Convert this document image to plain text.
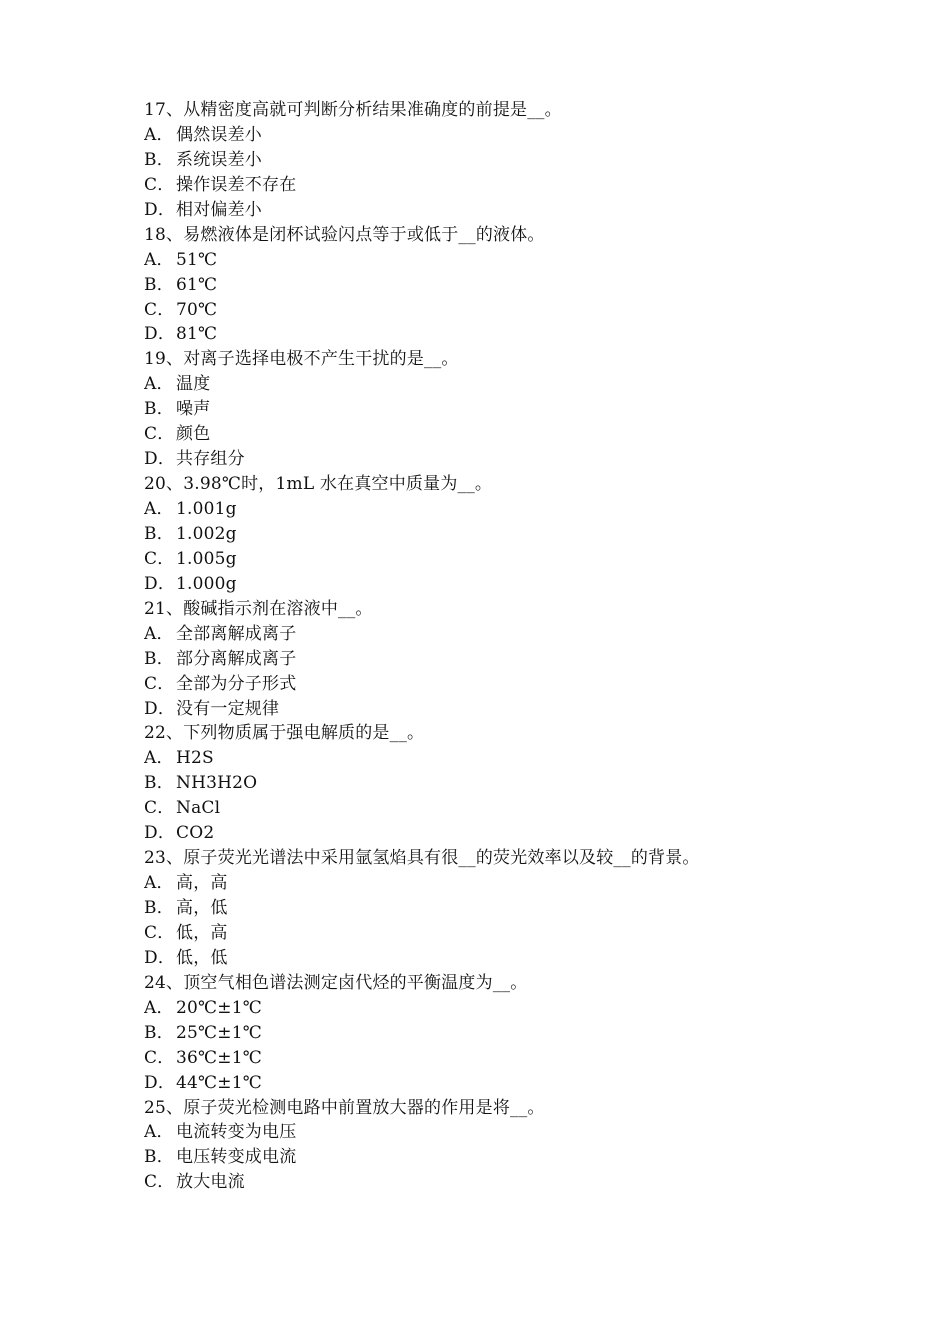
17、从精密度高就可判断分析结果准确度的前提是__。
A． 偶然误差小
B． 系统误差小
C．操作误差不存在
D．相对偏差小
18、易燃液体是闭杯试验闪点等于或低于__的液体。
A． 51℃
B． 61℃
C．70℃
D．81℃
19、对离子选择电极不产生干扰的是__。
A． 温度
B． 噪声
C．颜色
D．共存组分
20、3.98℃时，1mL 水在真空中质量为__。
A． 1.001g
B． 1.002g
C．1.005g
D．1.000g
21、酸碱指示剂在溶液中__。
A． 全部离解成离子
B． 部分离解成离子
C．全部为分子形式
D．没有一定规律
22、下列物质属于强电解质的是__。
A． H2S
B． NH3H2O
C．NaCl
D．CO2
23、原子荧光光谱法中采用氩氢焰具有很__的荧光效率以及较__的背景。
A． 高，高
B． 高，低
C．低，高
D．低，低
24、顶空气相色谱法测定卤代烃的平衡温度为__。
A． 20℃±1℃
B． 25℃±1℃
C．36℃±1℃
D．44℃±1℃
25、原子荧光检测电路中前置放大器的作用是将__。
A． 电流转变为电压
B． 电压转变成电流
C．放大电流
